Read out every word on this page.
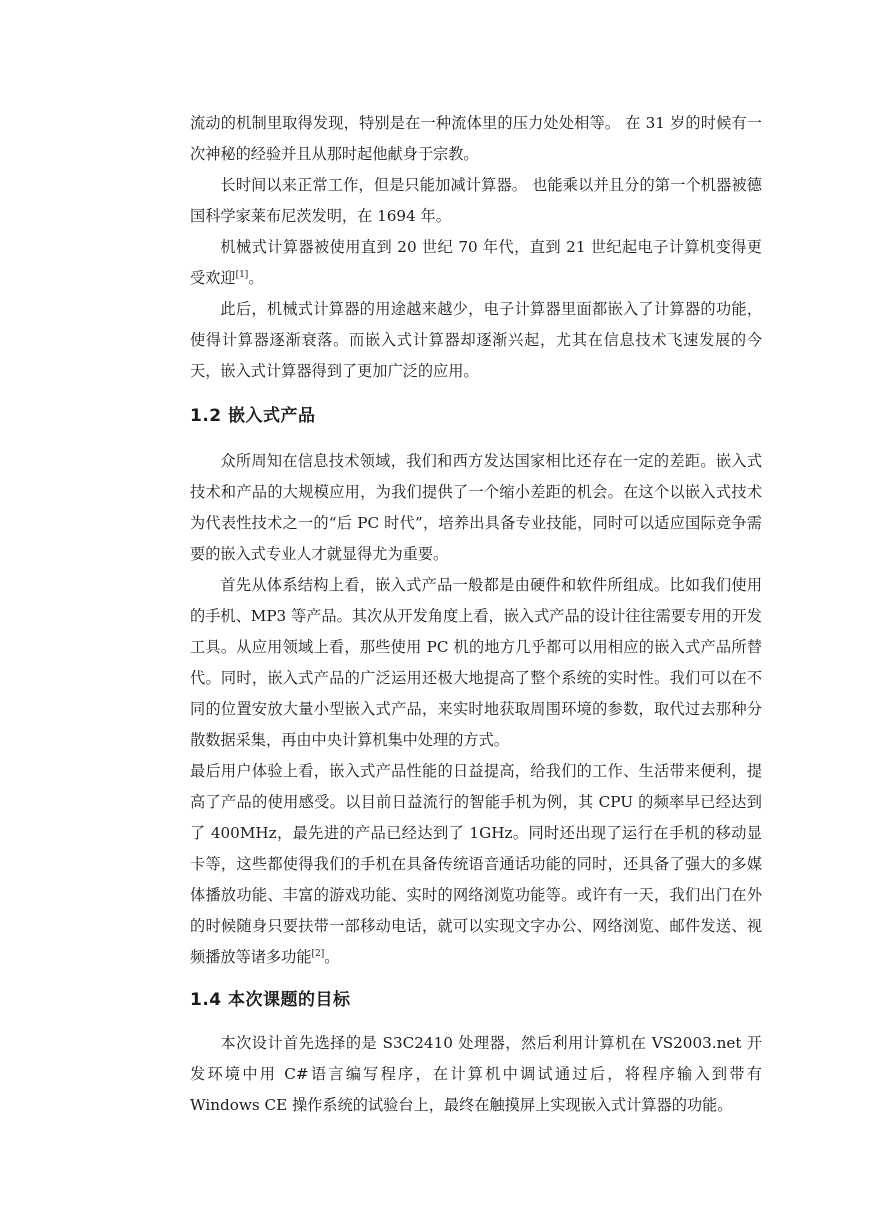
流动的机制里取得发现，特别是在一种流体里的压力处处相等。 在 31 岁的时候有一次神秘的经验并且从那时起他献身于宗教。

长时间以来正常工作，但是只能加减计算器。 也能乘以并且分的第一个机器被德国科学家莱布尼茨发明，在 1694 年。

机械式计算器被使用直到 20 世纪 70 年代，直到 21 世纪起电子计算机变得更受欢迎[1]。

此后，机械式计算器的用途越来越少，电子计算器里面都嵌入了计算器的功能，使得计算器逐渐衰落。而嵌入式计算器却逐渐兴起，尤其在信息技术飞速发展的今天，嵌入式计算器得到了更加广泛的应用。

1.2 嵌入式产品

众所周知在信息技术领域，我们和西方发达国家相比还存在一定的差距。嵌入式技术和产品的大规模应用，为我们提供了一个缩小差距的机会。在这个以嵌入式技术为代表性技术之一的“后 PC 时代”，培养出具备专业技能，同时可以适应国际竞争需要的嵌入式专业人才就显得尤为重要。

首先从体系结构上看，嵌入式产品一般都是由硬件和软件所组成。比如我们使用的手机、MP3 等产品。其次从开发角度上看，嵌入式产品的设计往往需要专用的开发工具。从应用领域上看，那些使用 PC 机的地方几乎都可以用相应的嵌入式产品所替代。同时，嵌入式产品的广泛运用还极大地提高了整个系统的实时性。我们可以在不同的位置安放大量小型嵌入式产品，来实时地获取周围环境的参数，取代过去那种分散数据采集，再由中央计算机集中处理的方式。

最后用户体验上看，嵌入式产品性能的日益提高，给我们的工作、生活带来便利，提高了产品的使用感受。以目前日益流行的智能手机为例，其 CPU 的频率早已经达到了 400MHz，最先进的产品已经达到了 1GHz。同时还出现了运行在手机的移动显卡等，这些都使得我们的手机在具备传统语音通话功能的同时，还具备了强大的多媒体播放功能、丰富的游戏功能、实时的网络浏览功能等。或许有一天，我们出门在外的时候随身只要扶带一部移动电话，就可以实现文字办公、网络浏览、邮件发送、视频播放等诸多功能[2]。

1.4 本次课题的目标

本次设计首先选择的是 S3C2410 处理器，然后利用计算机在 VS2003.net 开发环境中用 C#语言编写程序，在计算机中调试通过后，将程序输入到带有 Windows CE 操作系统的试验台上，最终在触摸屏上实现嵌入式计算器的功能。
